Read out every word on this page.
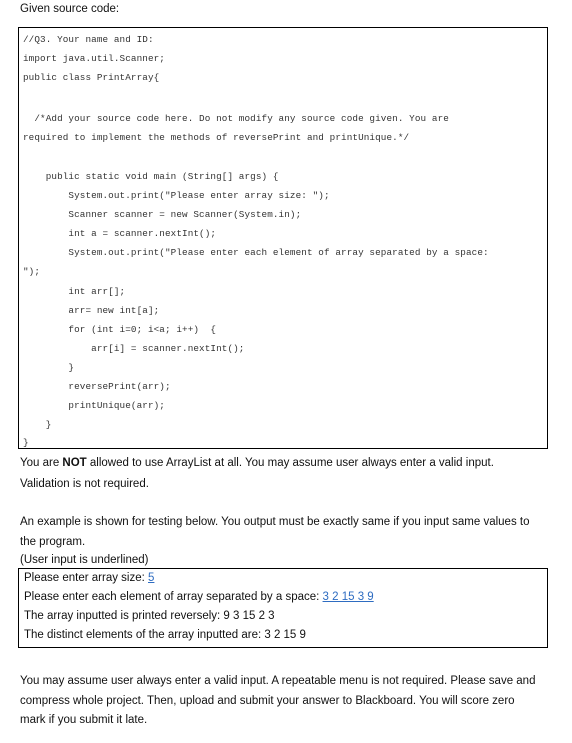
Given source code:
//Q3. Your name and ID:
import java.util.Scanner;
public class PrintArray{
/*Add your source code here. Do not modify any source code given. You are
required to implement the methods of reversePrint and printUnique.*/
public static void main (String[] args) {
System.out.print("Please enter array size: ");
Scanner scanner = new Scanner(System.in);
int a = scanner.nextInt();
System.out.print("Please enter each element of array separated by a space:
");
int arr[];
arr= new int[a];
for (int i=0; i<a; i++)  {
arr[i] = scanner.nextInt();
}
reversePrint(arr);
printUnique(arr);
}
}
You are NOT allowed to use ArrayList at all. You may assume user always enter a valid input.
Validation is not required.
An example is shown for testing below. You output must be exactly same if you input same values to
the program.
(User input is underlined)
Please enter array size: 5
Please enter each element of array separated by a space: 3 2 15 3 9
The array inputted is printed reversely: 9 3 15 2 3
The distinct elements of the array inputted are: 3 2 15 9
You may assume user always enter a valid input. A repeatable menu is not required. Please save and
compress whole project. Then, upload and submit your answer to Blackboard. You will score zero
mark if you submit it late.
